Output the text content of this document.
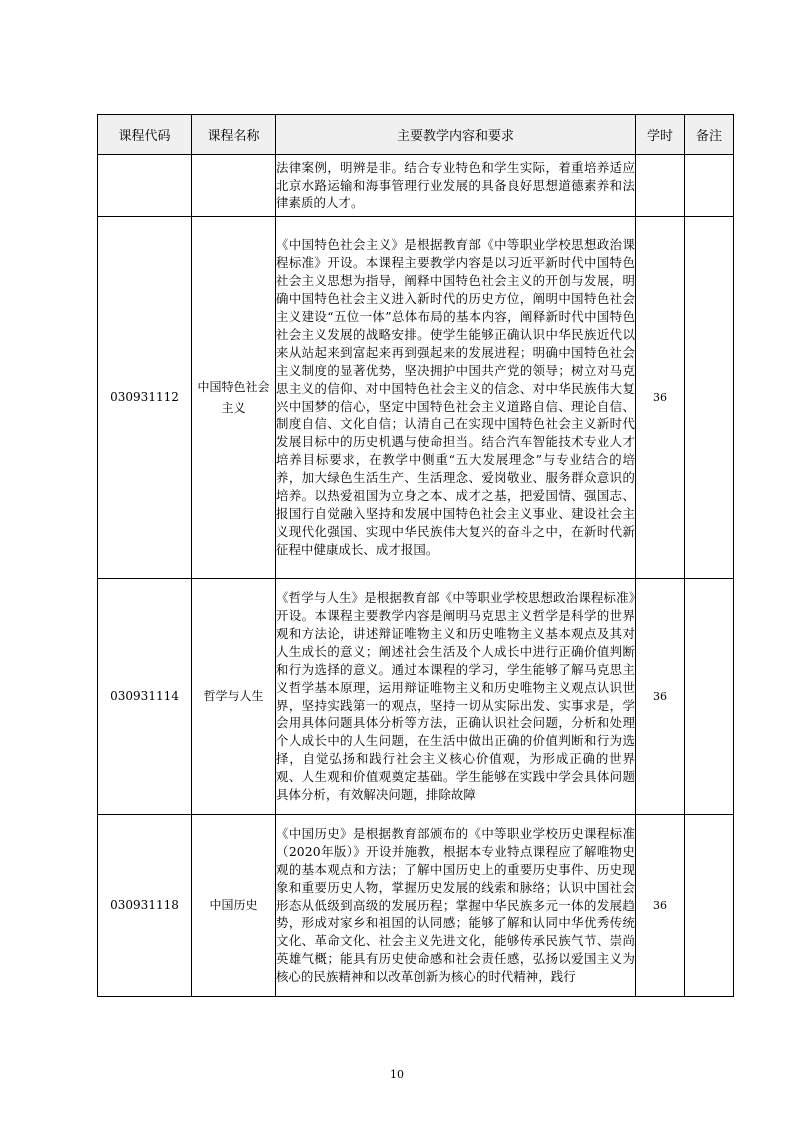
课程代码	课程名称	主要教学内容和要求	学时	备注
		法律案例，明辨是非。结合专业特色和学生实际，着重培养适应北京水路运输和海事管理行业发展的具备良好思想道德素养和法律素质的人才。		
030931112	中国特色社会主义	《中国特色社会主义》是根据教育部《中等职业学校思想政治课程标准》开设。本课程主要教学内容是以习近平新时代中国特色社会主义思想为指导，阐释中国特色社会主义的开创与发展，明确中国特色社会主义进入新时代的历史方位，阐明中国特色社会主义建设“五位一体”总体布局的基本内容，阐释新时代中国特色社会主义发展的战略安排。使学生能够正确认识中华民族近代以来从站起来到富起来再到强起来的发展进程；明确中国特色社会主义制度的显著优势，坚决拥护中国共产党的领导；树立对马克思主义的信仰、对中国特色社会主义的信念、对中华民族伟大复兴中国梦的信心，坚定中国特色社会主义道路自信、理论自信、制度自信、文化自信；认清自己在实现中国特色社会主义新时代发展目标中的历史机遇与使命担当。结合汽车智能技术专业人才培养目标要求，在教学中侧重“五大发展理念”与专业结合的培养，加大绿色生活生产、生活理念、爱岗敬业、服务群众意识的培养。以热爱祖国为立身之本、成才之基，把爱国情、强国志、报国行自觉融入坚持和发展中国特色社会主义事业、建设社会主义现代化强国、实现中华民族伟大复兴的奋斗之中，在新时代新征程中健康成长、成才报国。	36	
030931114	哲学与人生	《哲学与人生》是根据教育部《中等职业学校思想政治课程标准》开设。本课程主要教学内容是阐明马克思主义哲学是科学的世界观和方法论，讲述辩证唯物主义和历史唯物主义基本观点及其对人生成长的意义；阐述社会生活及个人成长中进行正确价值判断和行为选择的意义。通过本课程的学习，学生能够了解马克思主义哲学基本原理，运用辩证唯物主义和历史唯物主义观点认识世界，坚持实践第一的观点，坚持一切从实际出发、实事求是，学会用具体问题具体分析等方法，正确认识社会问题，分析和处理个人成长中的人生问题，在生活中做出正确的价值判断和行为选择，自觉弘扬和践行社会主义核心价值观，为形成正确的世界观、人生观和价值观奠定基础。学生能够在实践中学会具体问题具体分析，有效解决问题，排除故障	36	
030931118	中国历史	《中国历史》是根据教育部颁布的《中等职业学校历史课程标准（2020年版）》开设并施教，根据本专业特点课程应了解唯物史观的基本观点和方法；了解中国历史上的重要历史事件、历史现象和重要历史人物，掌握历史发展的线索和脉络；认识中国社会形态从低级到高级的发展历程；掌握中华民族多元一体的发展趋势，形成对家乡和祖国的认同感；能够了解和认同中华优秀传统文化、革命文化、社会主义先进文化，能够传承民族气节、崇尚英雄气概；能具有历史使命感和社会责任感，弘扬以爱国主义为核心的民族精神和以改革创新为核心的时代精神，践行	36	
10
